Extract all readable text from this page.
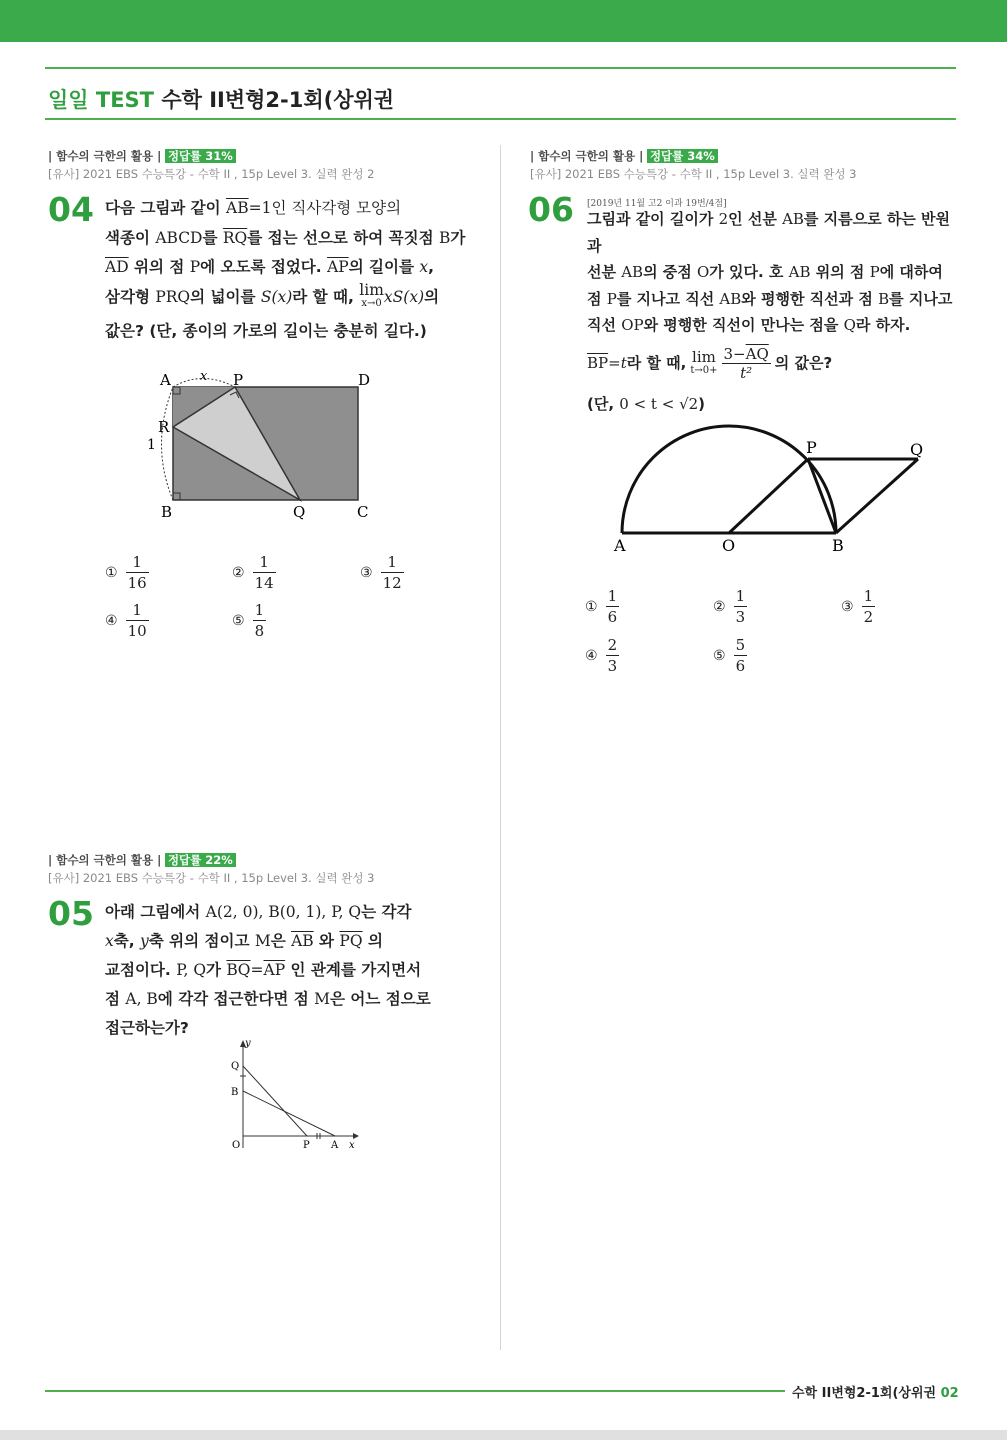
일일 TEST 수학 II변형2-1회(상위권
| 함수의 극한의 활용 | 정답률 31%
[유사] 2021 EBS 수능특강 - 수학 II , 15p Level 3. 실력 완성 2
04 다음 그림과 같이 $\overline{AB}=1$인 직사각형 모양의
색종이 ABCD를 $\overline{RQ}$를 접는 선으로 하여 꼭짓점 B가
$\overline{AD}$ 위의 점 P에 오도록 접었다. $\overline{AP}$의 길이를 x,
삼각형 PRQ의 넓이를 S(x)라 할 때, lim
x→0 xS(x)의
값은? (단, 종이의 가로의 길이는 충분히 길다.)
A x P	D
R
1
B	Q	C
① $\frac{1}{16}$	② $\frac{1}{14}$	③ $\frac{1}{12}$
④ $\frac{1}{10}$	⑤ $\frac{1}{8}$
| 함수의 극한의 활용 | 정답률 22%
[유사] 2021 EBS 수능특강 - 수학 II , 15p Level 3. 실력 완성 3
05 아래 그림에서 A(2, 0), B(0, 1), P, Q는 각각
x축, y축 위의 점이고 M은 $\overline{AB}$ 와 $\overline{PQ}$ 의
교점이다. P, Q가 $\overline{BQ}=\overline{AP}$ 인 관계를 가지면서
점 A, B에 각각 접근한다면 점 M은 어느 점으로
접근하는가?
y
Q
B
O	P A x
| 함수의 극한의 활용 | 정답률 34%
[유사] 2021 EBS 수능특강 - 수학 II , 15p Level 3. 실력 완성 3
06 [2019년 11월 고2 이과 19번/4점]
그림과 같이 길이가 2인 선분 AB를 지름으로 하는 반원과
선분 AB의 중점 O가 있다. 호 AB 위의 점 P에 대하여
점 P를 지나고 직선 AB와 평행한 직선과 점 B를 지나고
직선 OP와 평행한 직선이 만나는 점을 Q라 하자.
$\overline{BP} = t$ 라 할 때, lim
$t\to 0+ \frac{3-\overline{AQ}}{\text{t²}}$ 의 값은?
(단, 0 < t < √2)
P	Q
A	O	B
① $\frac{1}{6}$	② $\frac{1}{3}$	③ $\frac{1}{2}$
④ $\frac{2}{3}$	⑤ $\frac{5}{6}$
수학 II변형2-1회(상위권 02
